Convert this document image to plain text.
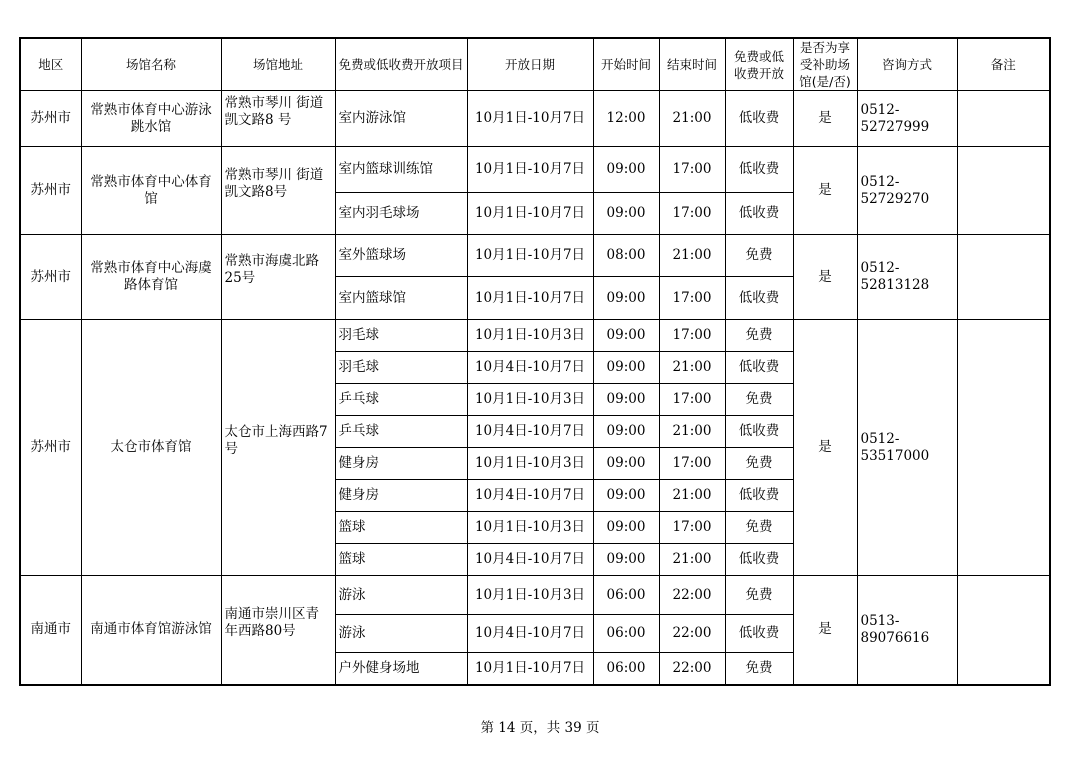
地区	场馆名称	场馆地址	免费或低收费开放项目	开放日期	开始时间	结束时间	免费或低收费开放	是否为享受补助场馆(是/否)	咨询方式	备注
苏州市	常熟市体育中心游泳跳水馆	常熟市琴川 街道凯文路8 号	室内游泳馆	10月1日-10月7日	12:00	21:00	低收费	是	0512-52727999	
苏州市	常熟市体育中心体育馆	常熟市琴川 街道凯文路8号	室内篮球训练馆	10月1日-10月7日	09:00	17:00	低收费	是	0512-52729270	
			室内羽毛球场	10月1日-10月7日	09:00	17:00	低收费			
苏州市	常熟市体育中心海虞路体育馆	常熟市海虞北路25号	室外篮球场	10月1日-10月7日	08:00	21:00	免费	是	0512-52813128	
			室内篮球馆	10月1日-10月7日	09:00	17:00	低收费			
苏州市	太仓市体育馆	太仓市上海西路7号	羽毛球	10月1日-10月3日	09:00	17:00	免费	是	0512-53517000	
			羽毛球	10月4日-10月7日	09:00	21:00	低收费			
			乒乓球	10月1日-10月3日	09:00	17:00	免费			
			乒乓球	10月4日-10月7日	09:00	21:00	低收费			
			健身房	10月1日-10月3日	09:00	17:00	免费			
			健身房	10月4日-10月7日	09:00	21:00	低收费			
			篮球	10月1日-10月3日	09:00	17:00	免费			
			篮球	10月4日-10月7日	09:00	21:00	低收费			
南通市	南通市体育馆游泳馆	南通市崇川区青年西路80号	游泳	10月1日-10月3日	06:00	22:00	免费	是	0513-89076616	
			游泳	10月4日-10月7日	06:00	22:00	低收费			
			户外健身场地	10月1日-10月7日	06:00	22:00	免费			
第 14 页，共 39 页
